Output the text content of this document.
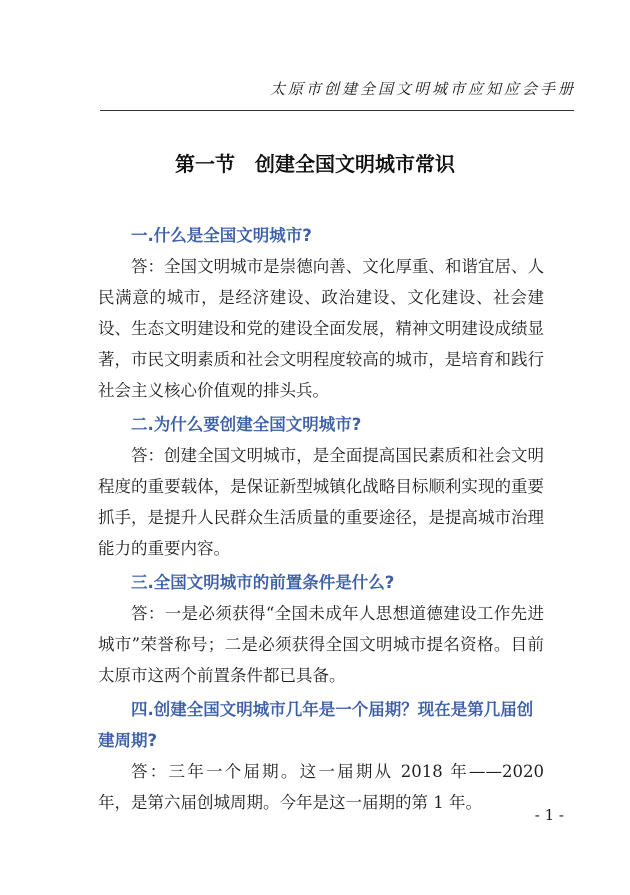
太原市创建全国文明城市应知应会手册
第一节　创建全国文明城市常识

一.什么是全国文明城市?

答：全国文明城市是崇德向善、文化厚重、和谐宜居、人民满意的城市，是经济建设、政治建设、文化建设、社会建设、生态文明建设和党的建设全面发展，精神文明建设成绩显著，市民文明素质和社会文明程度较高的城市，是培育和践行社会主义核心价值观的排头兵。

二.为什么要创建全国文明城市?

答：创建全国文明城市，是全面提高国民素质和社会文明程度的重要载体，是保证新型城镇化战略目标顺利实现的重要抓手，是提升人民群众生活质量的重要途径，是提高城市治理能力的重要内容。

三.全国文明城市的前置条件是什么?

答：一是必须获得“全国未成年人思想道德建设工作先进城市”荣誉称号；二是必须获得全国文明城市提名资格。目前太原市这两个前置条件都已具备。

四.创建全国文明城市几年是一个届期？现在是第几届创建周期?

答：三年一个届期。这一届期从 2018 年——2020 年，是第六届创城周期。今年是这一届期的第 1 年。

- 1 -
